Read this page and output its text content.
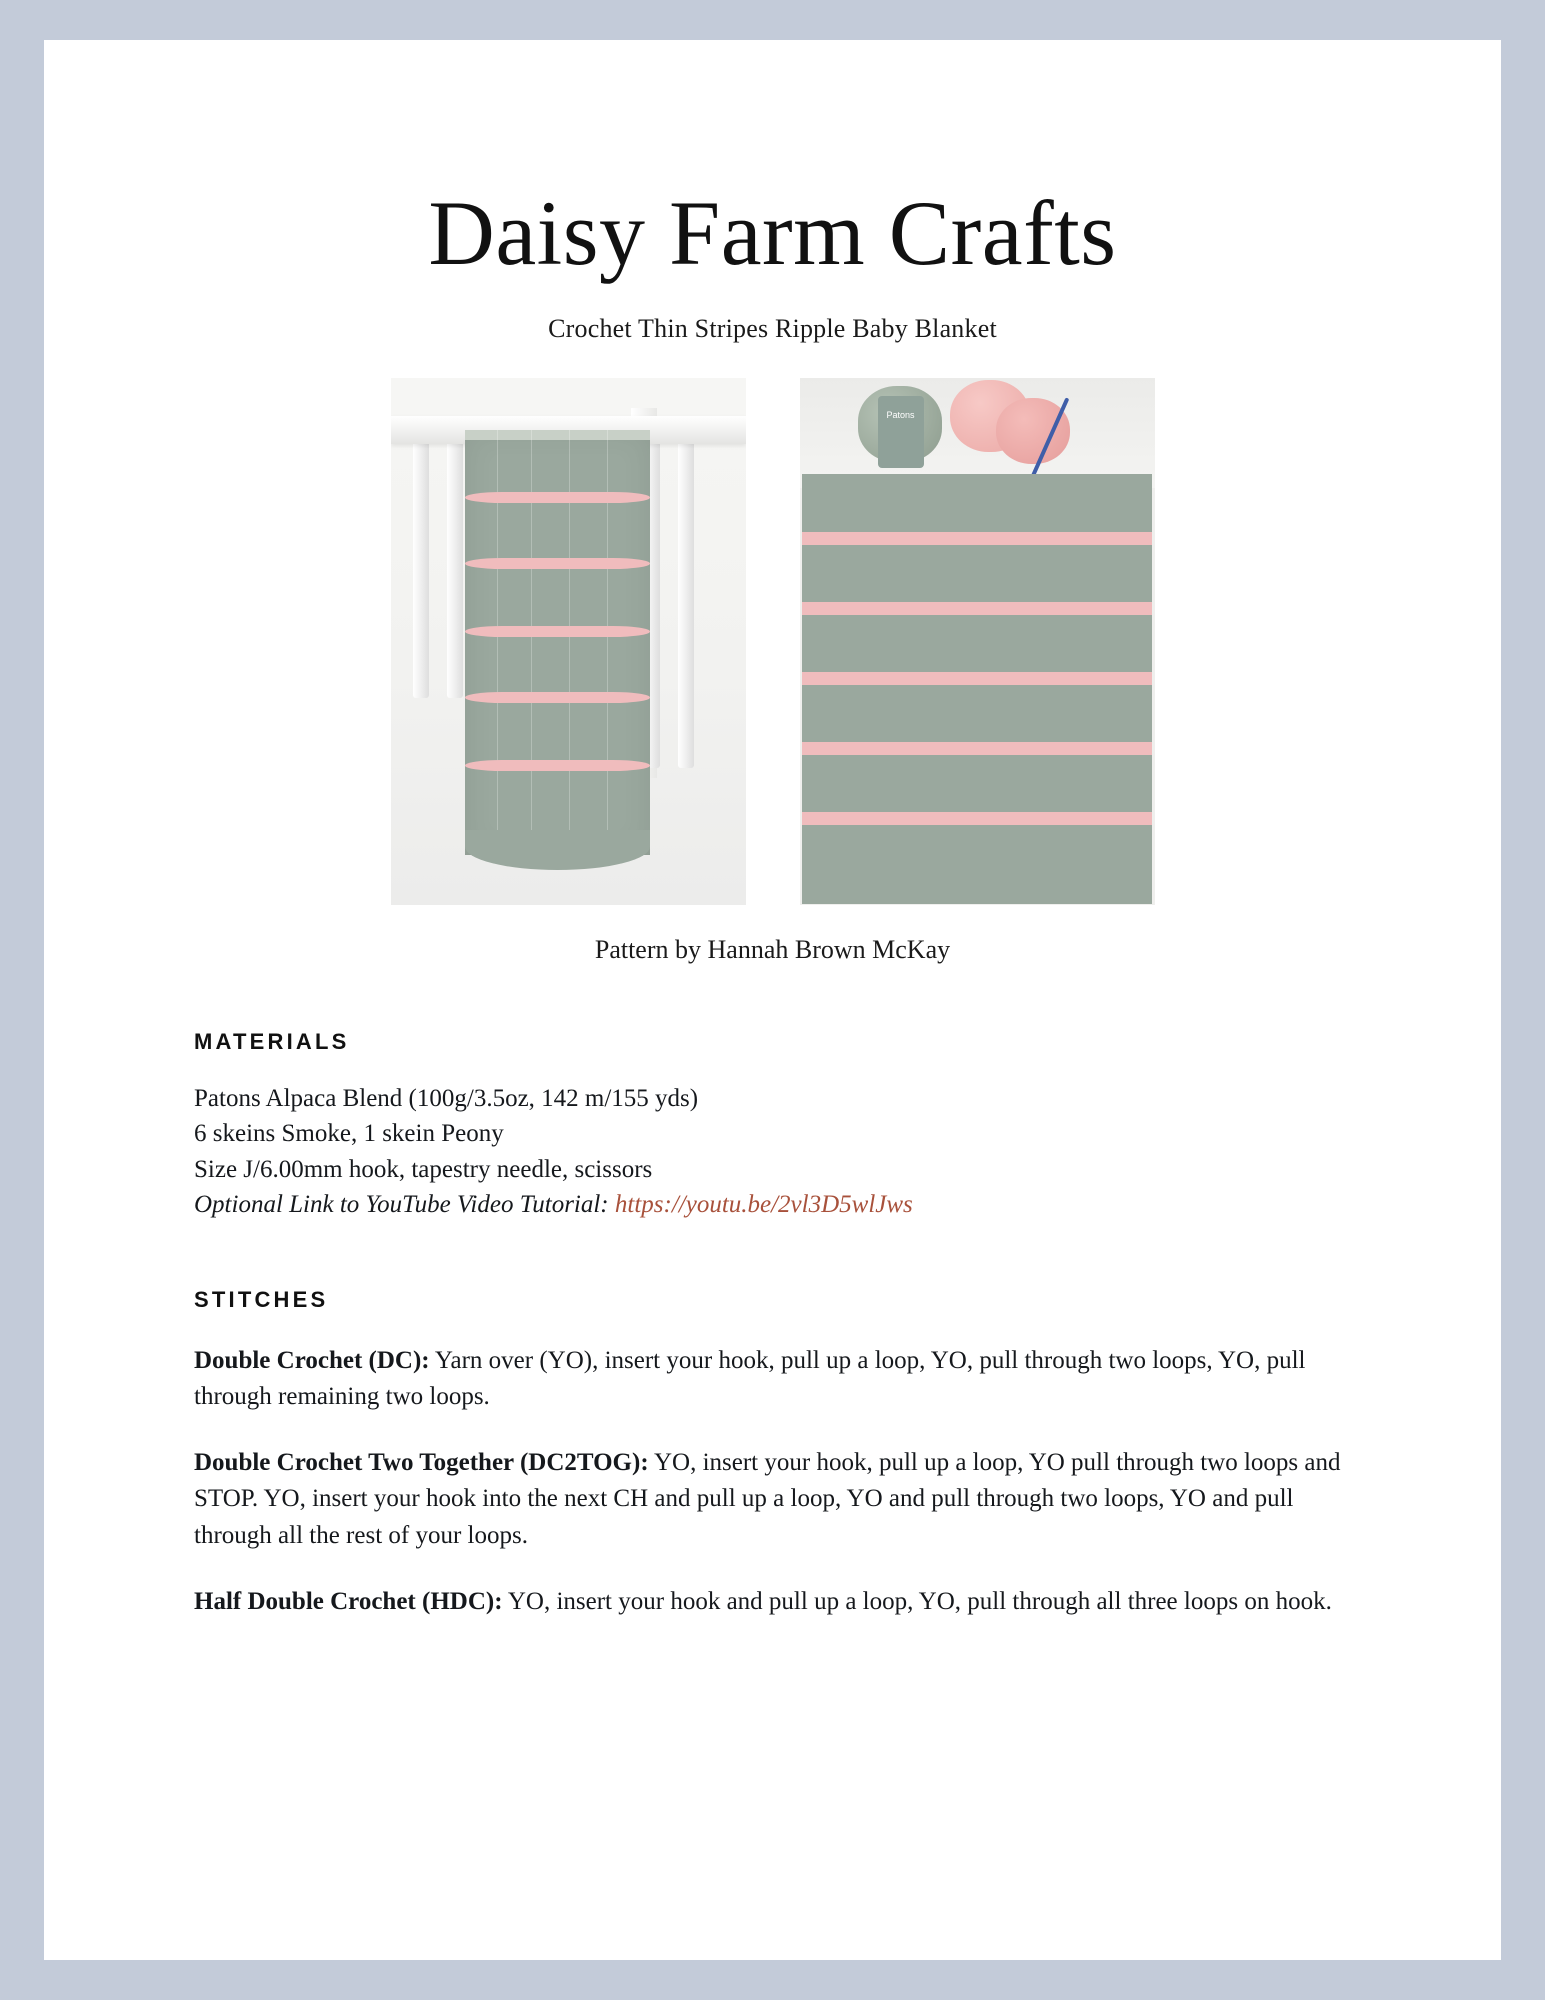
Daisy Farm Crafts
Crochet Thin Stripes Ripple Baby Blanket
Patons
Pattern by Hannah Brown McKay
MATERIALS
Patons Alpaca Blend (100g/3.5oz, 142 m/155 yds)
6 skeins Smoke, 1 skein Peony
Size J/6.00mm hook, tapestry needle, scissors
Optional Link to YouTube Video Tutorial: https://youtu.be/2vl3D5wlJws
STITCHES

Double Crochet (DC): Yarn over (YO), insert your hook, pull up a loop, YO, pull through two loops, YO, pull through remaining two loops.

Double Crochet Two Together (DC2TOG): YO, insert your hook, pull up a loop, YO pull through two loops and STOP. YO, insert your hook into the next CH and pull up a loop, YO and pull through two loops, YO and pull through all the rest of your loops.

Half Double Crochet (HDC): YO, insert your hook and pull up a loop, YO, pull through all three loops on hook.
